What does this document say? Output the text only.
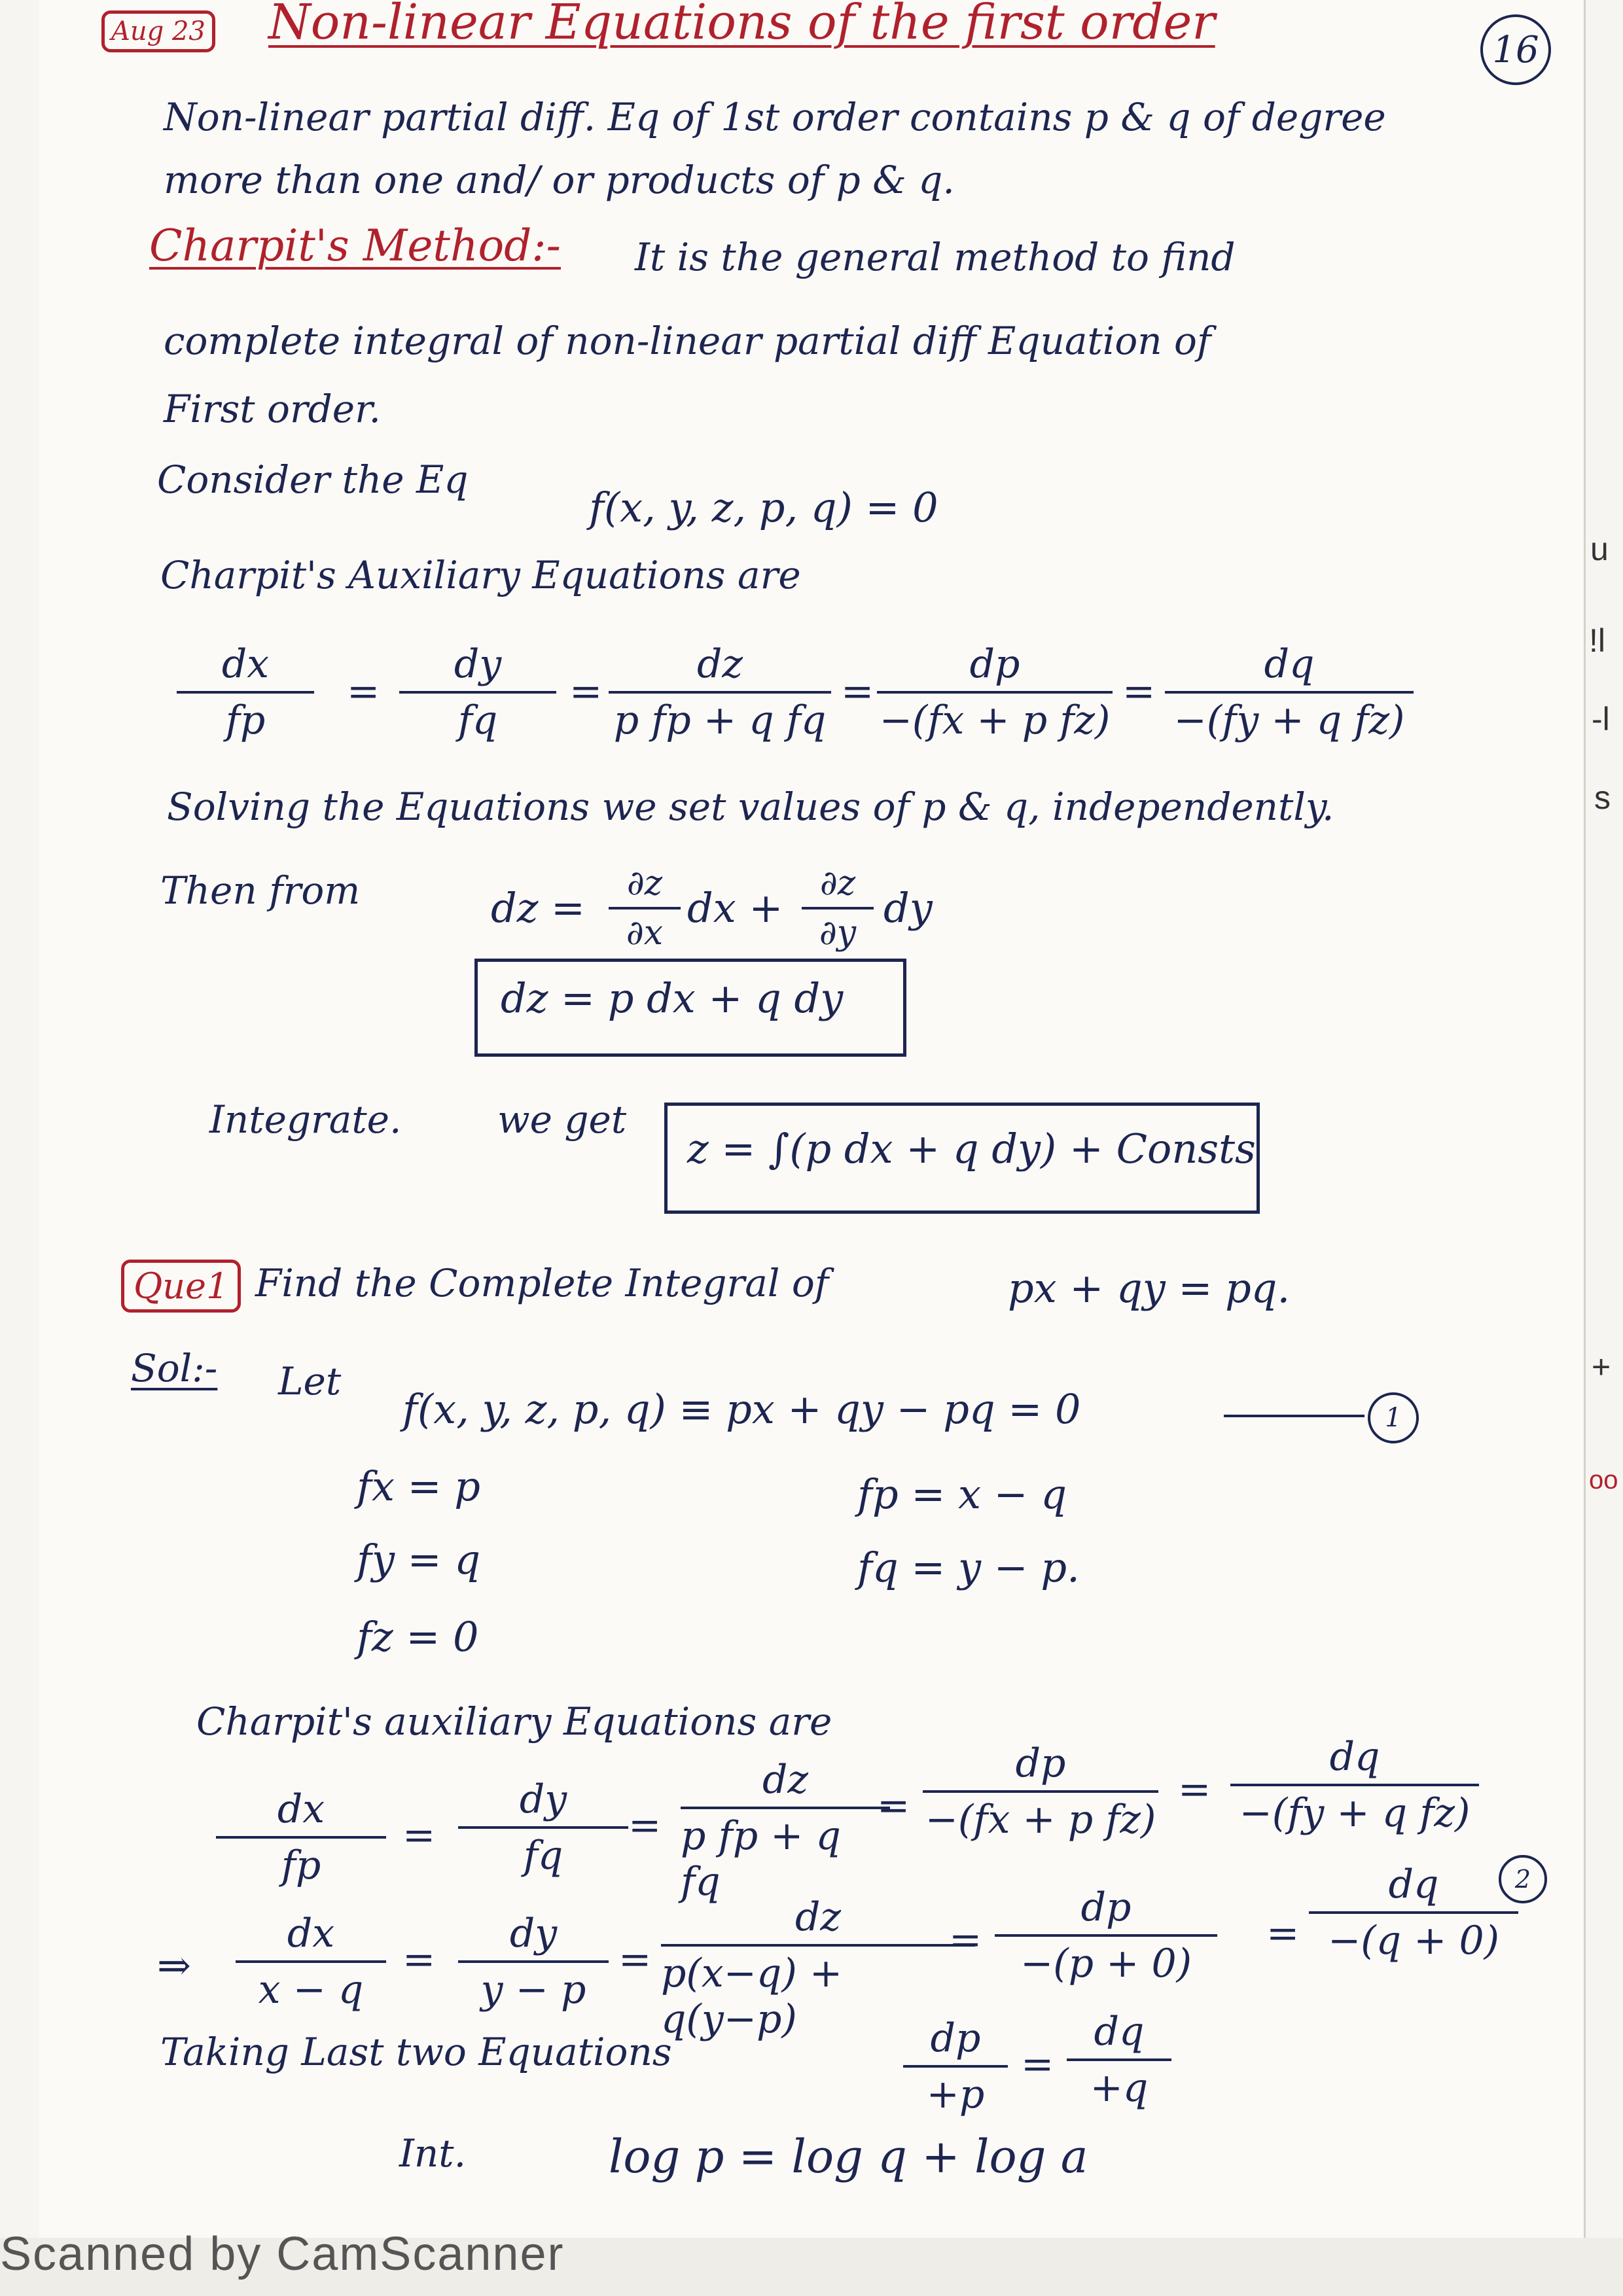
Aug 23 Non-linear Equations of the first order	16
Non-linear partial diff. Eq of 1st order contains p & q of degree
more than one and/ or products of p & q.
Charpit's Method:- It is the general method to find
complete integral of non-linear partial diff Equation of
First order.
Consider the Eq
f(x, y, z, p, q) = 0
Charpit's Auxiliary Equations are
dx
fp
=
dy
fq
=
dz
p fp + q fq
=
dp
−(fx + p fz)
=
dq
−(fy + q fz)
Solving the Equations we set values of p & q, independently.
Then from	dz =
∂z
∂x
dx +
∂z
∂y
dy
dz = p dx + q dy
Integrate.	we get
z = ∫(p dx + q dy) + Consts
Que1 Find the Complete Integral of	px + qy = pq.
Sol:- Let
f(x, y, z, p, q) ≡ px + qy − pq = 0	1
fx = p
fy = q
fz = 0
fp = x − q
fq = y − p.
Charpit's auxiliary Equations are
dx
fp
=
dy
fq
=
dz
p fp + q fq
=
dp
−(fx + p fz)
=
dq
−(fy + q fz)
2
⇒
dx
x − q
=
dy
y − p
=
dz
p(x−q) + q(y−p)
=
dp
−(p + 0)
=
dq
−(q + 0)
Taking Last two Equations	dp
+p
=
dq
+q
Int.	log p = log q + log a
u
!l
-l
s
+
oo
Scanned by CamScanner
